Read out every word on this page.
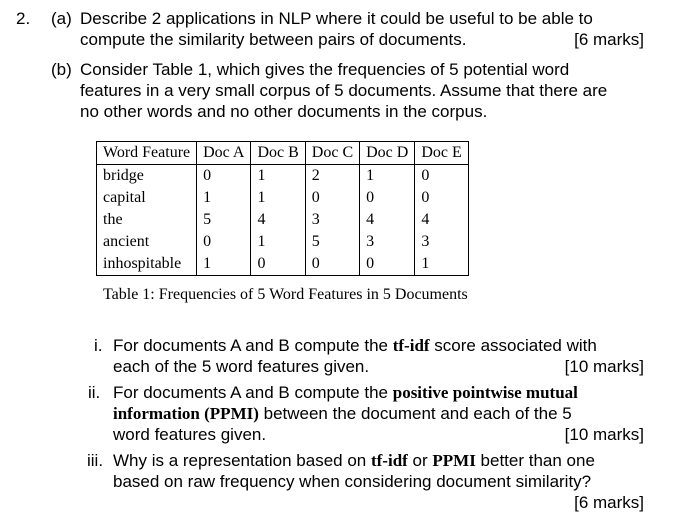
2. (a) Describe 2 applications in NLP where it could be useful to be able to
compute the similarity between pairs of documents.	[6 marks]
(b) Consider Table 1, which gives the frequencies of 5 potential word
features in a very small corpus of 5 documents. Assume that there are
no other words and no other documents in the corpus.
Word Feature	Doc A	Doc B	Doc C	Doc D	Doc E
bridge	0	1	2	1	0
capital	1	1	0	0	0
the	5	4	3	4	4
ancient	0	1	5	3	3
inhospitable	1	0	0	0	1
Table 1: Frequencies of 5 Word Features in 5 Documents
i. For documents A and B compute the tf-idf score associated with
each of the 5 word features given.	[10 marks]
ii. For documents A and B compute the positive pointwise mutual
information (PPMI) between the document and each of the 5
word features given.	[10 marks]
iii. Why is a representation based on tf-idf or PPMI better than one
based on raw frequency when considering document similarity?
[6 marks]
